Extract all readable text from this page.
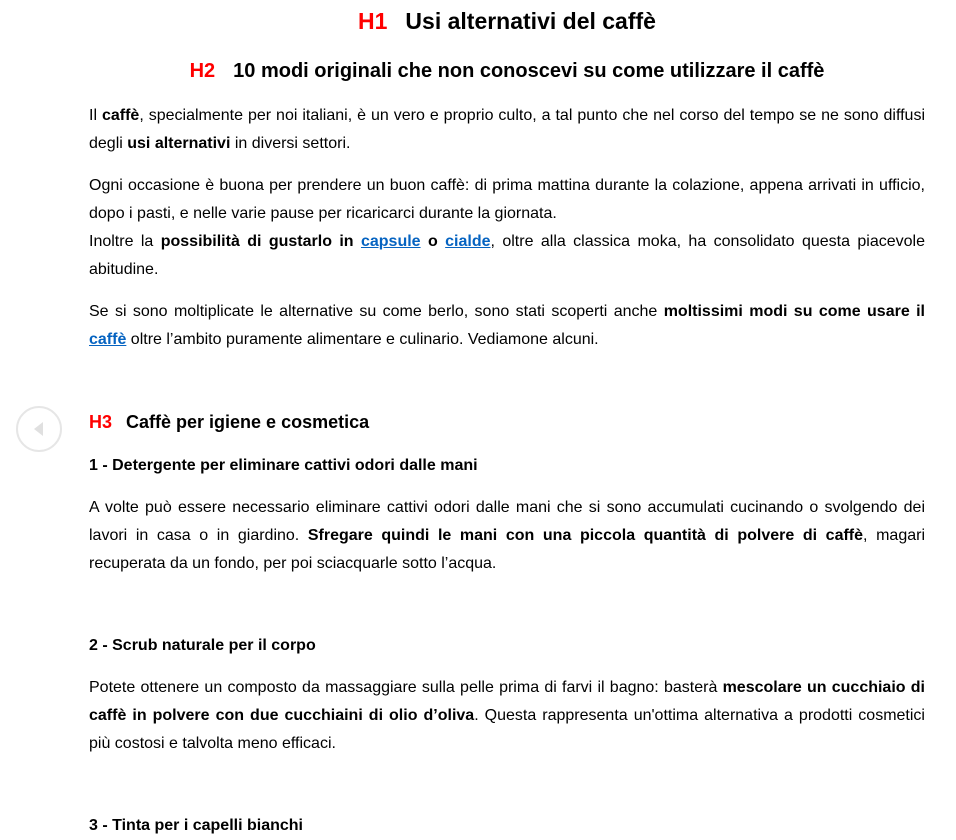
H1 Usi alternativi del caffè
H2 10 modi originali che non conoscevi su come utilizzare il caffè

Il caffè, specialmente per noi italiani, è un vero e proprio culto, a tal punto che nel corso del tempo se ne sono diffusi degli usi alternativi in diversi settori.

Ogni occasione è buona per prendere un buon caffè: di prima mattina durante la colazione, appena arrivati in ufficio, dopo i pasti, e nelle varie pause per ricaricarci durante la giornata.
Inoltre la possibilità di gustarlo in capsule o cialde, oltre alla classica moka, ha consolidato questa piacevole abitudine.

Se si sono moltiplicate le alternative su come berlo, sono stati scoperti anche moltissimi modi su come usare il caffè oltre l’ambito puramente alimentare e culinario. Vediamone alcuni.

H3 Caffè per igiene e cosmetica
1 - Detergente per eliminare cattivi odori dalle mani

A volte può essere necessario eliminare cattivi odori dalle mani che si sono accumulati cucinando o svolgendo dei lavori in casa o in giardino. Sfregare quindi le mani con una piccola quantità di polvere di caffè, magari recuperata da un fondo, per poi sciacquarle sotto l’acqua.

2 - Scrub naturale per il corpo

Potete ottenere un composto da massaggiare sulla pelle prima di farvi il bagno: basterà mescolare un cucchiaio di caffè in polvere con due cucchiaini di olio d’oliva. Questa rappresenta un'ottima alternativa a prodotti cosmetici più costosi e talvolta meno efficaci.

3 - Tinta per i capelli bianchi
